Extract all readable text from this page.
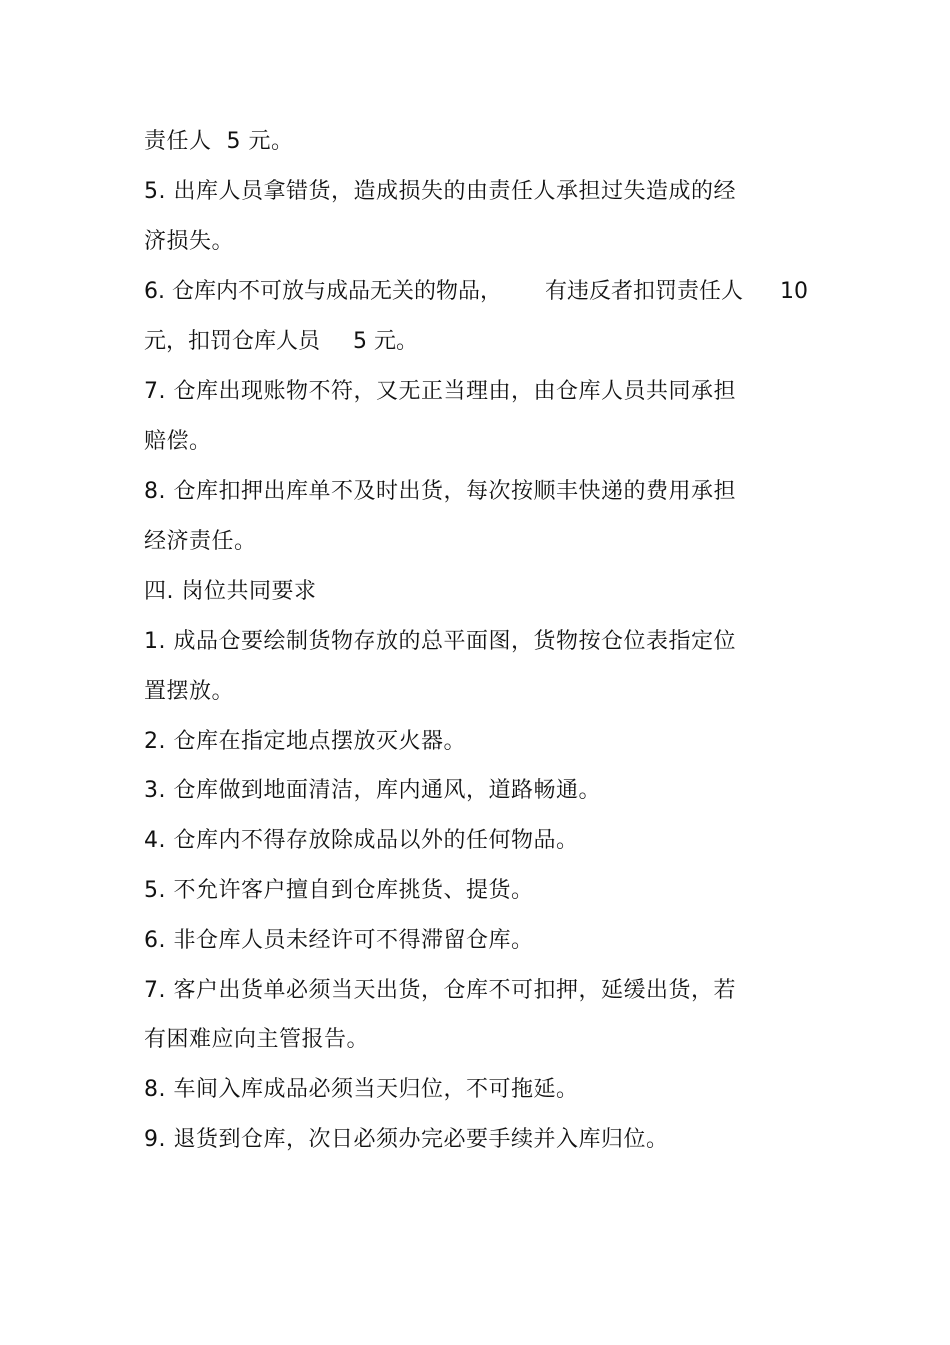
责任人  5 元。
5. 出库人员拿错货，造成损失的由责任人承担过失造成的经
济损失。
6. 仓库内不可放与成品无关的物品， 有违反者扣罚责任人 10
元，扣罚仓库人员 5 元。
7. 仓库出现账物不符，又无正当理由，由仓库人员共同承担
赔偿。
8. 仓库扣押出库单不及时出货，每次按顺丰快递的费用承担
经济责任。
四. 岗位共同要求
1. 成品仓要绘制货物存放的总平面图，货物按仓位表指定位
置摆放。
2. 仓库在指定地点摆放灭火器。
3. 仓库做到地面清洁，库内通风，道路畅通。
4. 仓库内不得存放除成品以外的任何物品。
5. 不允许客户擅自到仓库挑货、提货。
6. 非仓库人员未经许可不得滞留仓库。
7. 客户出货单必须当天出货，仓库不可扣押，延缓出货，若
有困难应向主管报告。
8. 车间入库成品必须当天归位，不可拖延。
9. 退货到仓库，次日必须办完必要手续并入库归位。
